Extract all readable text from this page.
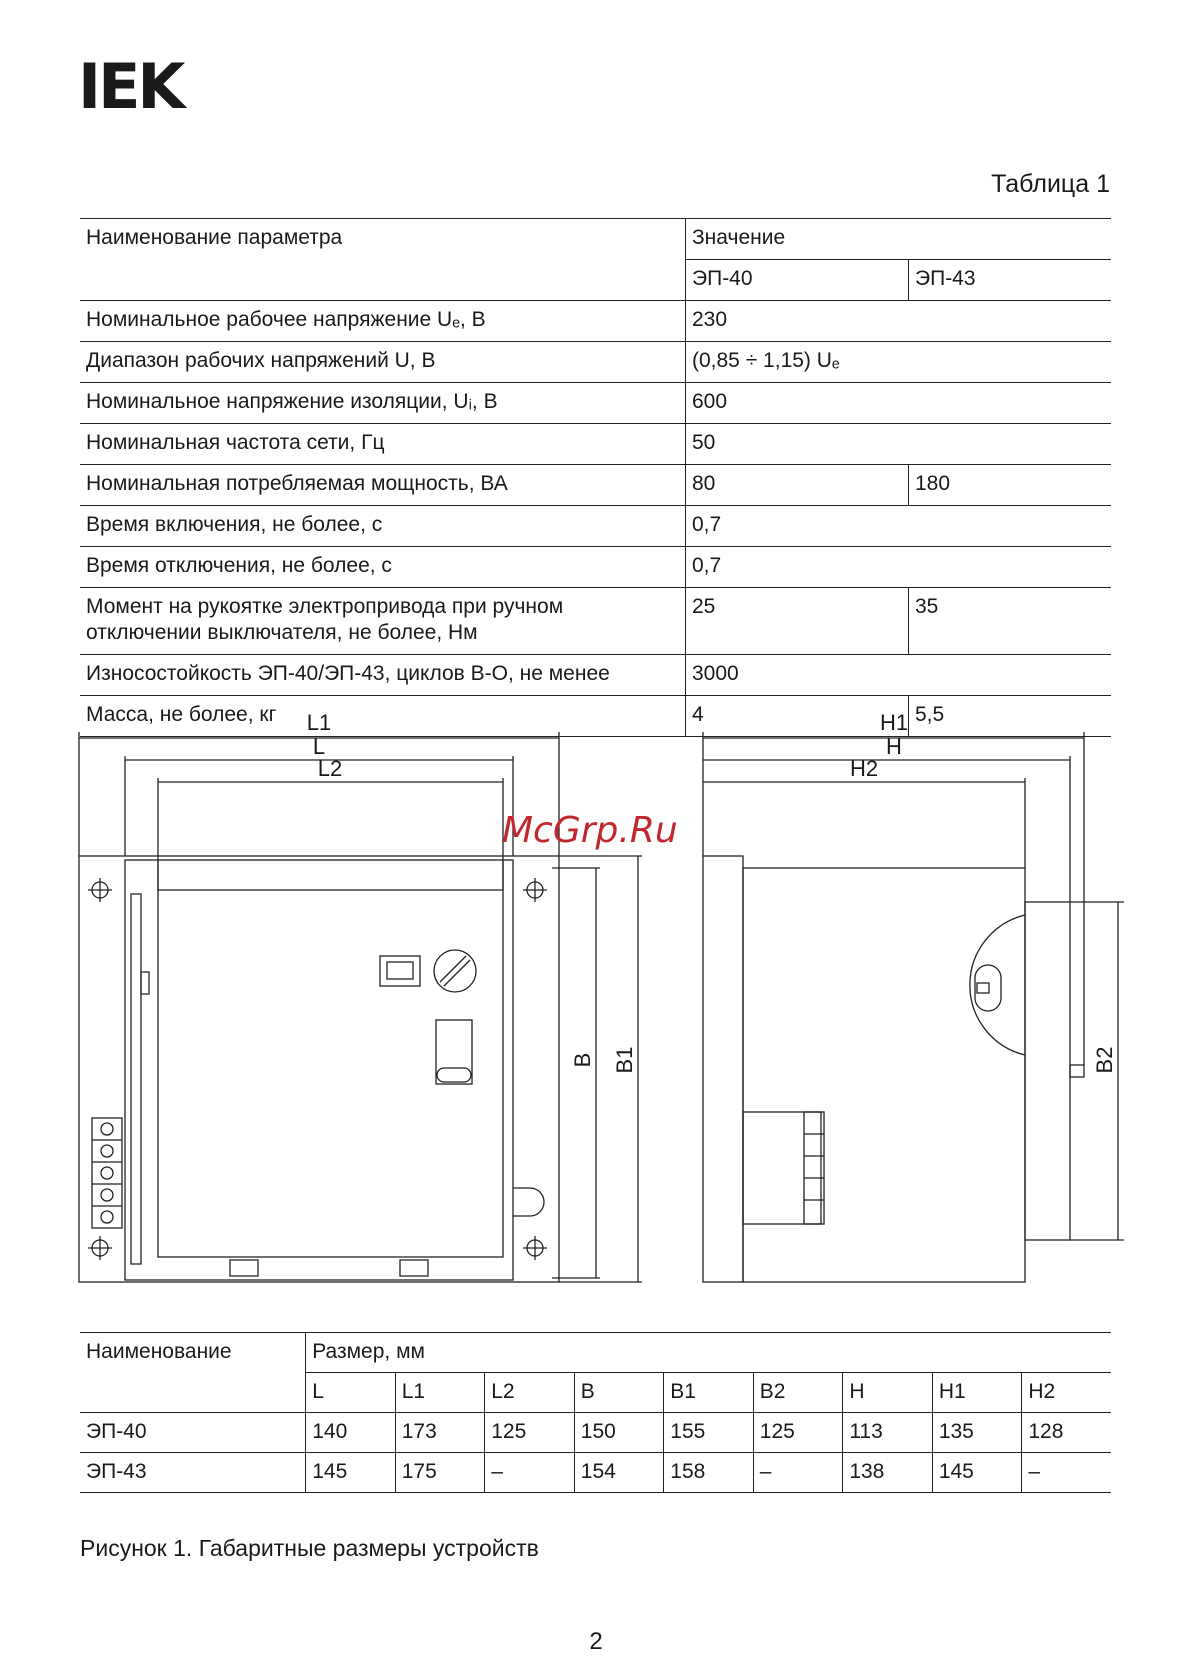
IEK
Таблица 1
Наименование параметра	Значение	
	ЭП-40	ЭП-43
Номинальное рабочее напряжение Uₑ, В	230	
Диапазон рабочих напряжений U, В	(0,85 ÷ 1,15) Uₑ	
Номинальное напряжение изоляции, Uᵢ, В	600	
Номинальная частота сети, Гц	50	
Номинальная потребляемая мощность, ВА	80	180
Время включения, не более, с	0,7	
Время отключения, не более, с	0,7	
Момент на рукоятке электропривода при ручном отключении выключателя, не более, Нм	25	35
Износостойкость ЭП-40/ЭП-43, циклов В-О, не менее	3000	
Масса, не более, кг	4	5,5
L1
L
L2
H1
H
H2
B B1	B2
McGrp.Ru
Наименование	Размер, мм								
	L	L1	L2	B	B1	B2	H	H1	H2
ЭП-40	140	173	125	150	155	125	113	135	128
ЭП-43	145	175	–	154	158	–	138	145	–
Рисунок 1. Габаритные размеры устройств
2
